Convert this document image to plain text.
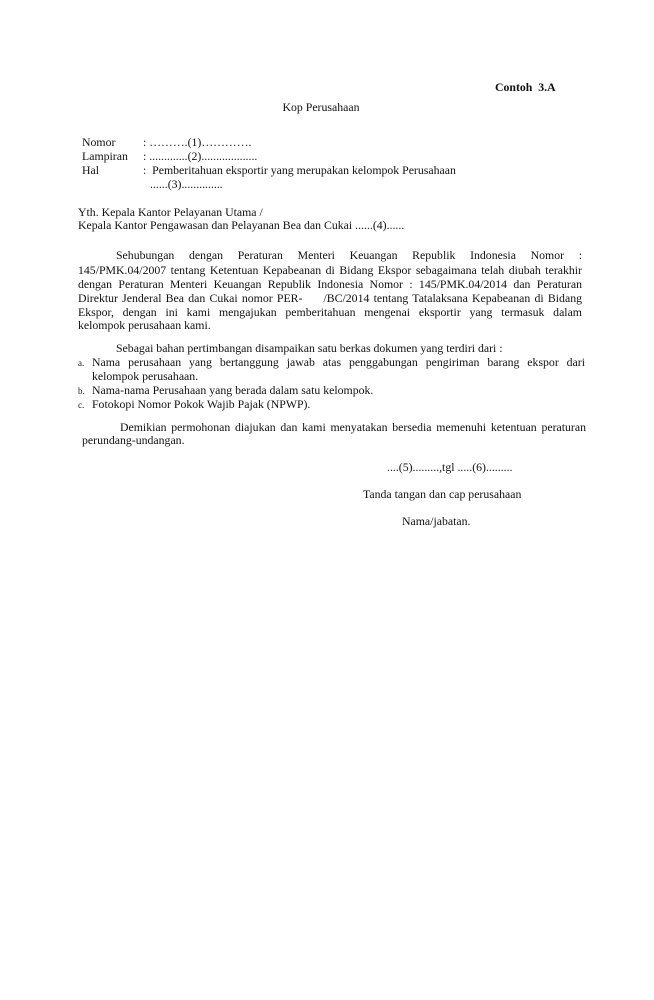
Contoh  3.A
Kop Perusahaan
Nomor : ……….(1)………….
Lampiran : .............(2)...................
Hal	:  Pemberitahuan eksportir yang merupakan kelompok Perusahaan
......(3)..............
Yth. Kepala Kantor Pelayanan Utama /
Kepala Kantor Pengawasan dan Pelayanan Bea dan Cukai ......(4)......
Sehubungan dengan Peraturan Menteri Keuangan Republik Indonesia Nomor :
145/PMK.04/2007 tentang Ketentuan Kepabeanan di Bidang Ekspor sebagaimana telah diubah terakhir
dengan Peraturan Menteri Keuangan Republik Indonesia Nomor : 145/PMK.04/2014 dan Peraturan
Direktur Jenderal Bea dan Cukai nomor PER-     /BC/2014 tentang Tatalaksana Kepabeanan di Bidang
Ekspor, dengan ini kami mengajukan pemberitahuan mengenai eksportir yang termasuk dalam
kelompok perusahaan kami.
Sebagai bahan pertimbangan disampaikan satu berkas dokumen yang terdiri dari :
a. Nama perusahaan yang bertanggung jawab atas penggabungan pengiriman barang ekspor dari
kelompok perusahaan.
b. Nama-nama Perusahaan yang berada dalam satu kelompok.
c. Fotokopi Nomor Pokok Wajib Pajak (NPWP).
Demikian permohonan diajukan dan kami menyatakan bersedia memenuhi ketentuan peraturan
perundang-undangan.
....(5).........,tgl .....(6).........
Tanda tangan dan cap perusahaan
Nama/jabatan.
